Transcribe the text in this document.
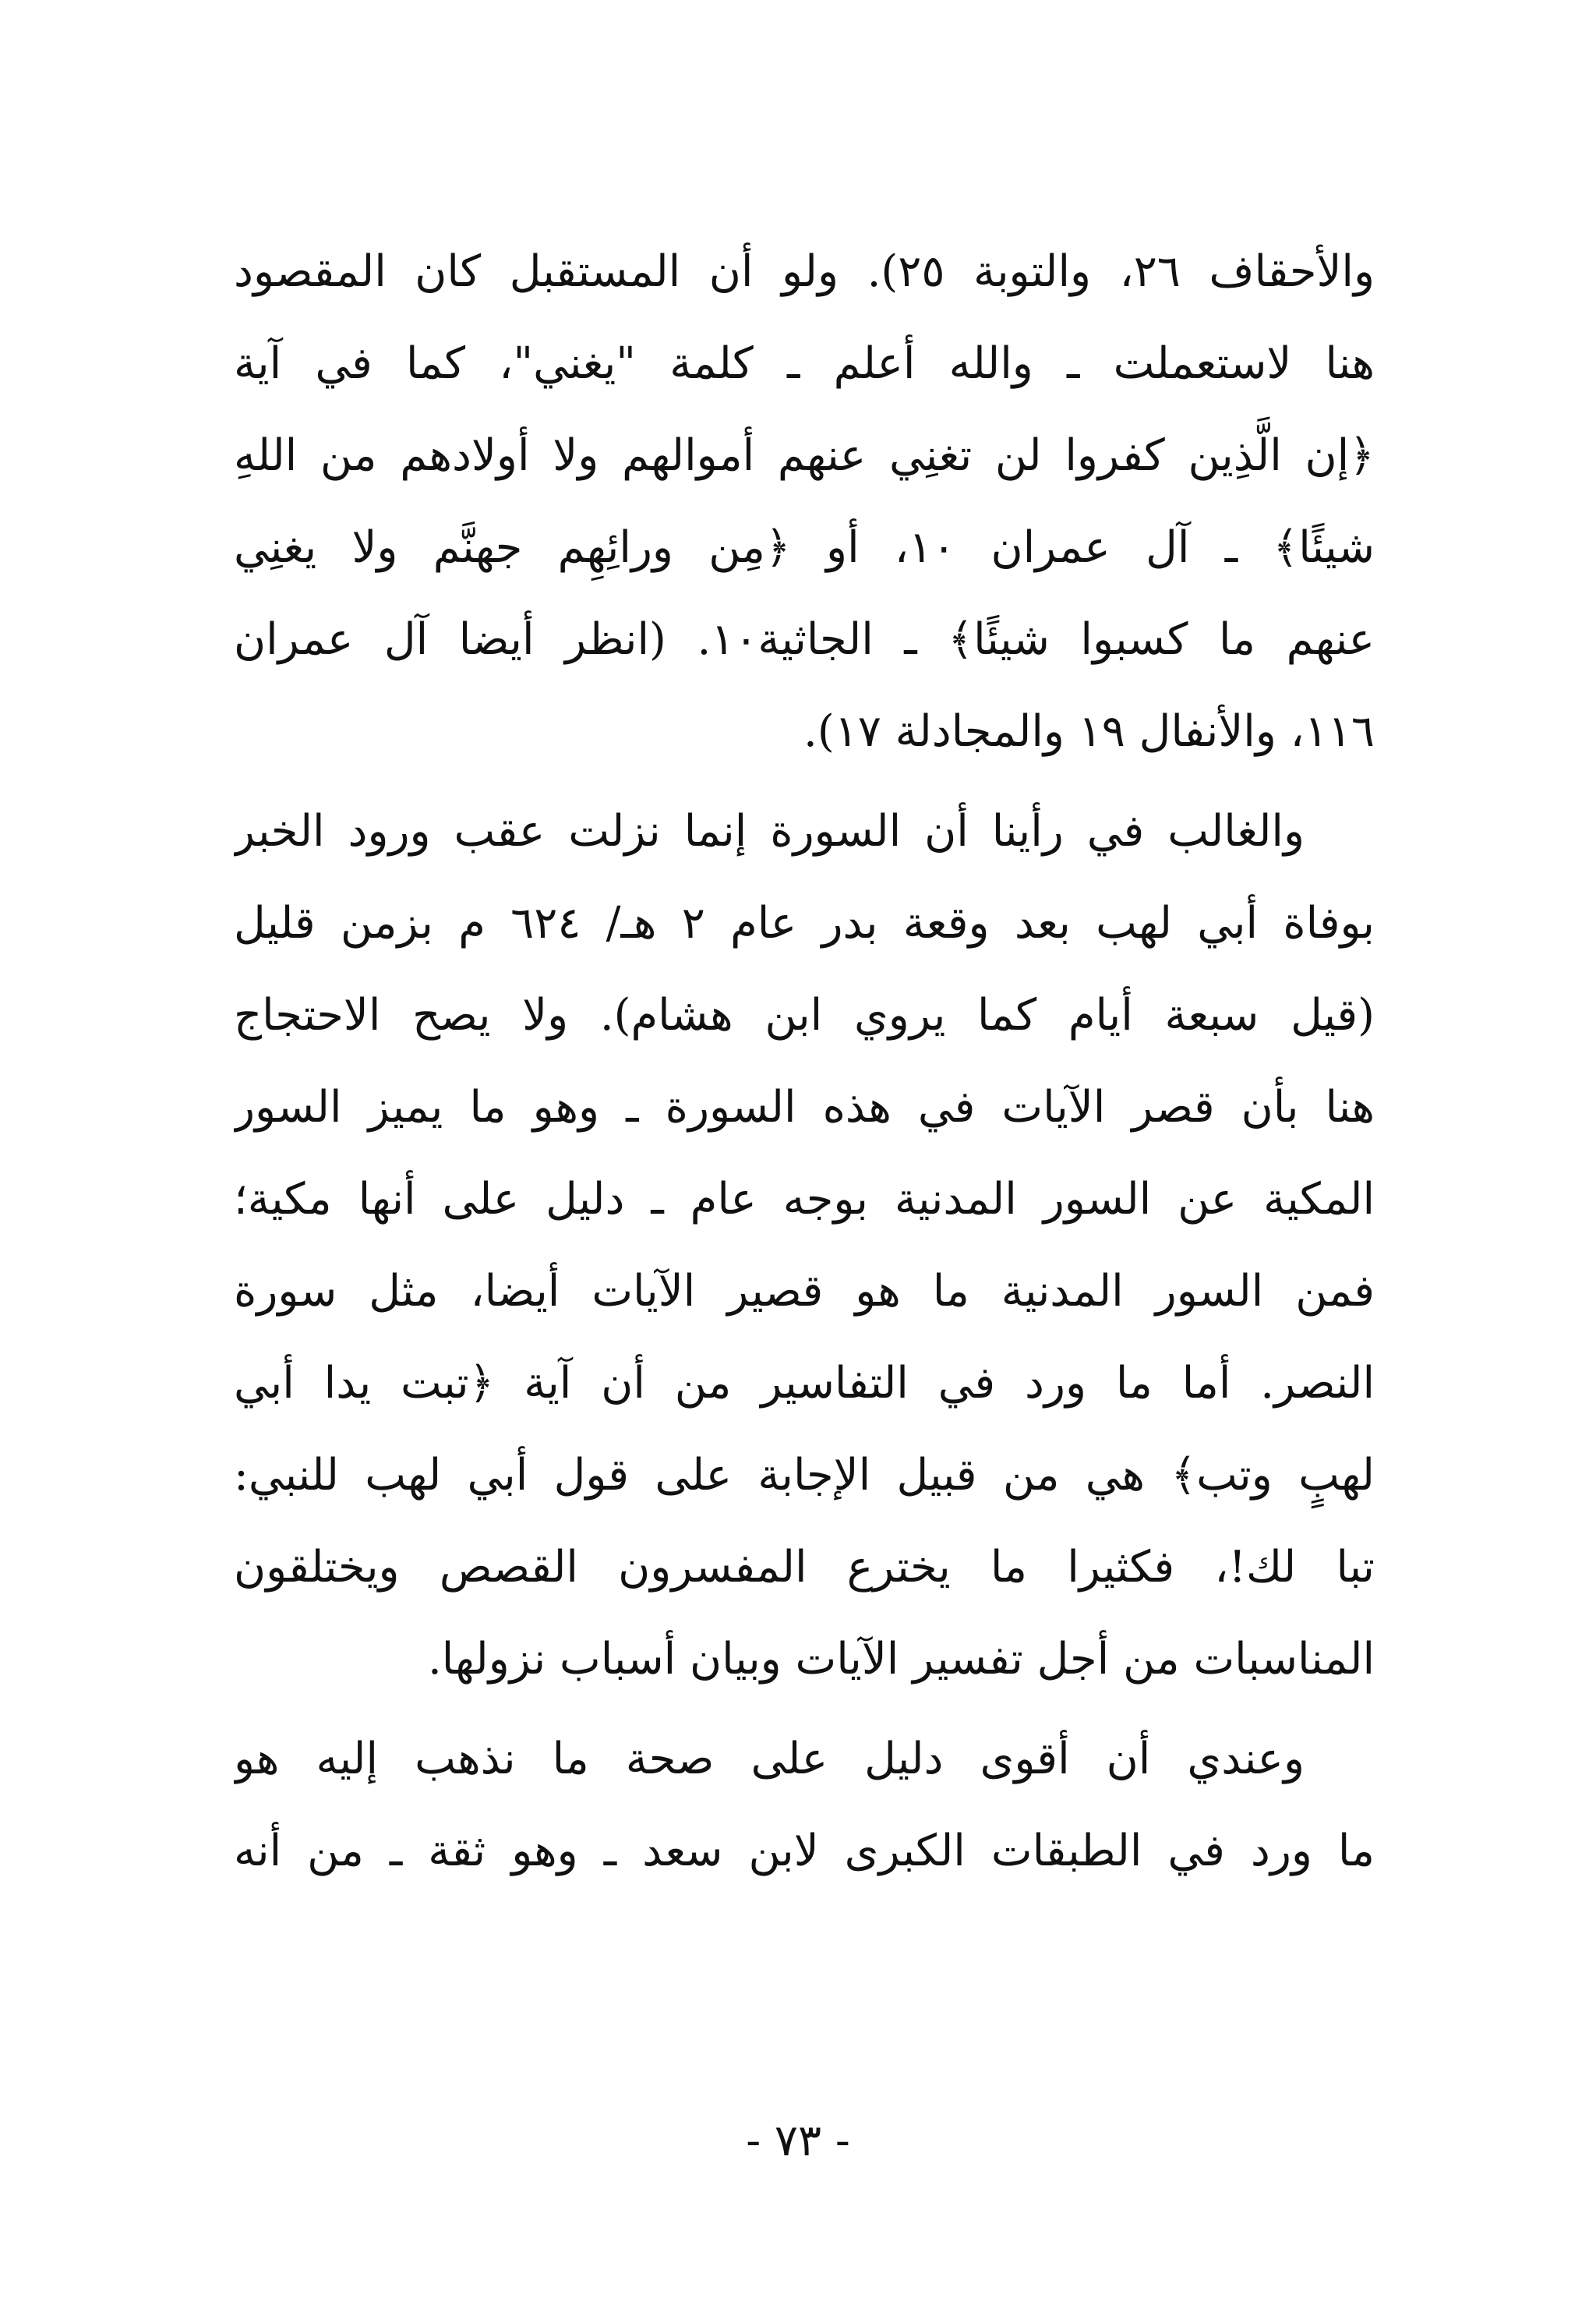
والأحقاف ٢٦، والتوبة ٢٥). ولو أن المستقبل كان المقصود
هنا لاستعملت ـ والله أعلم ـ كلمة "يغني"، كما في آية
﴿إن الَّذِين كفروا لن تغنِي عنهم أموالهم ولا أولادهم من اللهِ
شيئًا﴾ ـ آل عمران ١٠، أو ﴿مِن ورائِهِم جهنَّم ولا يغنِي
عنهم ما كسبوا شيئًا﴾ ـ الجاثية١٠. (انظر أيضا آل عمران
١١٦، والأنفال ١٩ والمجادلة ١٧).
والغالب في رأينا أن السورة إنما نزلت عقب ورود الخبر
بوفاة أبي لهب بعد وقعة بدر عام ٢ هـ/ ٦٢٤ م بزمن قليل
(قيل سبعة أيام كما يروي ابن هشام). ولا يصح الاحتجاج
هنا بأن قصر الآيات في هذه السورة ـ وهو ما يميز السور
المكية عن السور المدنية بوجه عام ـ دليل على أنها مكية؛
فمن السور المدنية ما هو قصير الآيات أيضا، مثل سورة
النصر. أما ما ورد في التفاسير من أن آية ﴿تبت يدا أبي
لهبٍ وتب﴾ هي من قبيل الإجابة على قول أبي لهب للنبي:
تبا لك!، فكثيرا ما يخترع المفسرون القصص ويختلقون
المناسبات من أجل تفسير الآيات وبيان أسباب نزولها.
وعندي أن أقوى دليل على صحة ما نذهب إليه هو
ما ورد في الطبقات الكبرى لابن سعد ـ وهو ثقة ـ من أنه
- ٧٣ -
